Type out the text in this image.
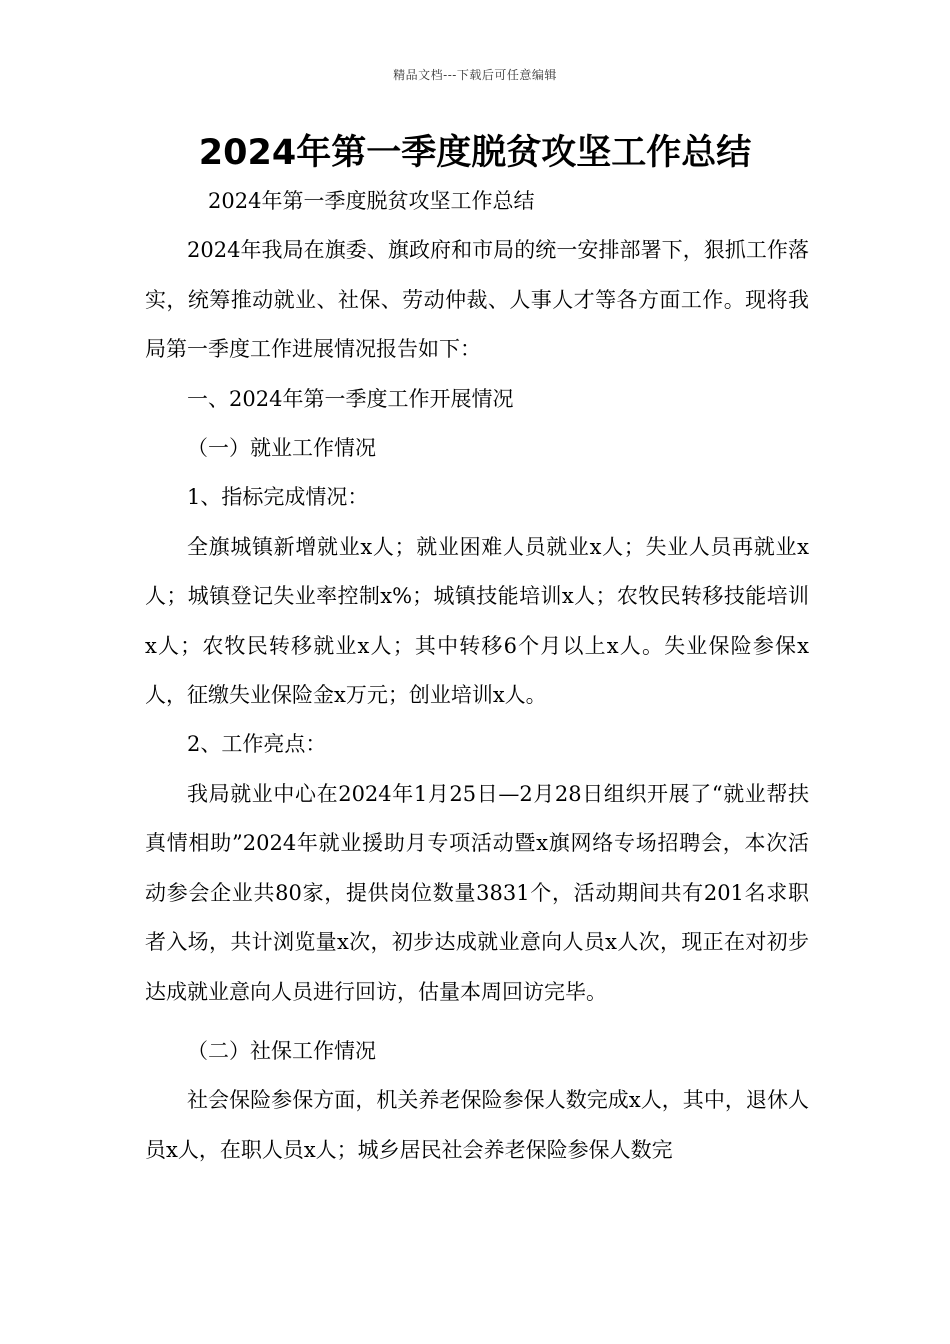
精品文档---下载后可任意编辑
2024年第一季度脱贫攻坚工作总结

2024年第一季度脱贫攻坚工作总结

2024年我局在旗委、旗政府和市局的统一安排部署下，狠抓工作落实，统筹推动就业、社保、劳动仲裁、人事人才等各方面工作。现将我局第一季度工作进展情况报告如下：

一、2024年第一季度工作开展情况

（一）就业工作情况

1、指标完成情况：

全旗城镇新增就业x人；就业困难人员就业x人；失业人员再就业x人；城镇登记失业率控制x%；城镇技能培训x人；农牧民转移技能培训x人；农牧民转移就业x人；其中转移6个月以上x人。失业保险参保x人，征缴失业保险金x万元；创业培训x人。

2、工作亮点：

我局就业中心在2024年1月25日—2月28日组织开展了“就业帮扶真情相助”2024年就业援助月专项活动暨x旗网络专场招聘会，本次活动参会企业共80家，提供岗位数量3831个，活动期间共有201名求职者入场，共计浏览量x次，初步达成就业意向人员x人次，现正在对初步达成就业意向人员进行回访，估量本周回访完毕。

（二）社保工作情况

社会保险参保方面，机关养老保险参保人数完成x人，其中，退休人员x人，在职人员x人；城乡居民社会养老保险参保人数完
